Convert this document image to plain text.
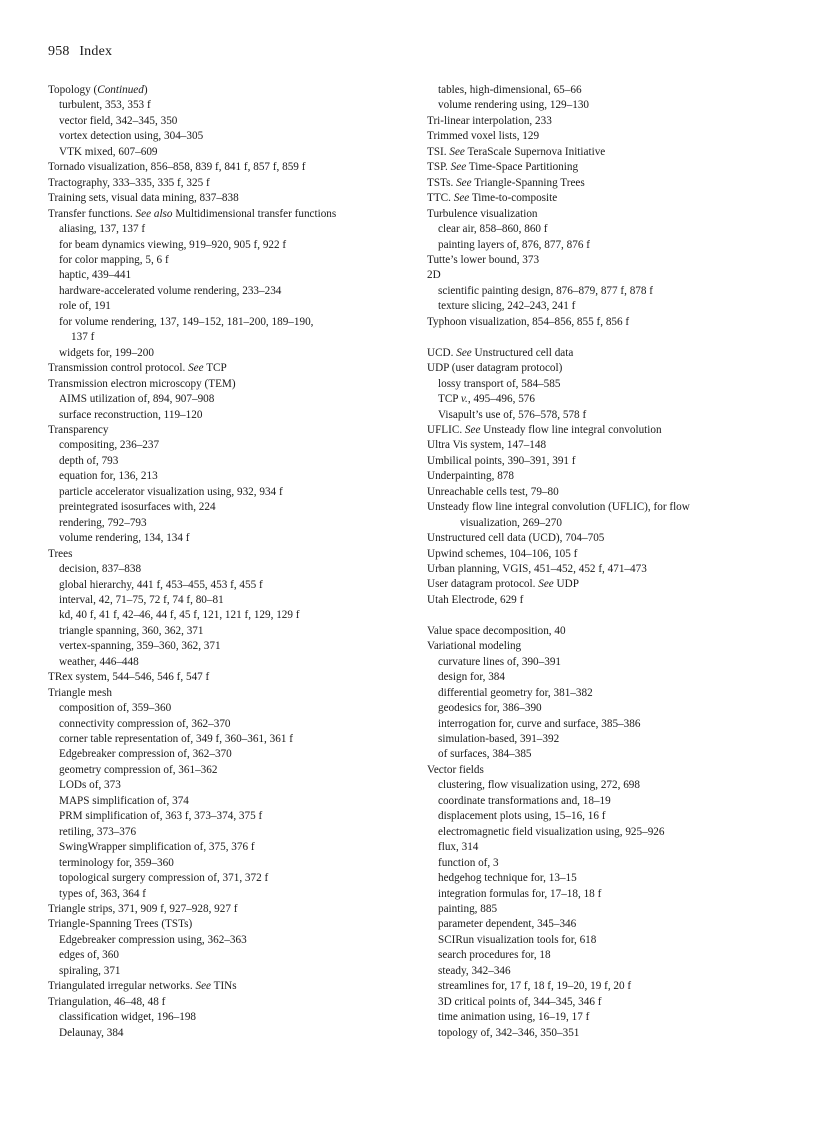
958 Index
Topology (Continued)
turbulent, 353, 353 f
vector field, 342–345, 350
vortex detection using, 304–305
VTK mixed, 607–609
Tornado visualization, 856–858, 839 f, 841 f, 857 f, 859 f
Tractography, 333–335, 335 f, 325 f
Training sets, visual data mining, 837–838
Transfer functions. See also Multidimensional transfer functions
aliasing, 137, 137 f
for beam dynamics viewing, 919–920, 905 f, 922 f
for color mapping, 5, 6 f
haptic, 439–441
hardware-accelerated volume rendering, 233–234
role of, 191
for volume rendering, 137, 149–152, 181–200, 189–190,
137 f
widgets for, 199–200
Transmission control protocol. See TCP
Transmission electron microscopy (TEM)
AIMS utilization of, 894, 907–908
surface reconstruction, 119–120
Transparency
compositing, 236–237
depth of, 793
equation for, 136, 213
particle accelerator visualization using, 932, 934 f
preintegrated isosurfaces with, 224
rendering, 792–793
volume rendering, 134, 134 f
Trees
decision, 837–838
global hierarchy, 441 f, 453–455, 453 f, 455 f
interval, 42, 71–75, 72 f, 74 f, 80–81
kd, 40 f, 41 f, 42–46, 44 f, 45 f, 121, 121 f, 129, 129 f
triangle spanning, 360, 362, 371
vertex-spanning, 359–360, 362, 371
weather, 446–448
TRex system, 544–546, 546 f, 547 f
Triangle mesh
composition of, 359–360
connectivity compression of, 362–370
corner table representation of, 349 f, 360–361, 361 f
Edgebreaker compression of, 362–370
geometry compression of, 361–362
LODs of, 373
MAPS simplification of, 374
PRM simplification of, 363 f, 373–374, 375 f
retiling, 373–376
SwingWrapper simplification of, 375, 376 f
terminology for, 359–360
topological surgery compression of, 371, 372 f
types of, 363, 364 f
Triangle strips, 371, 909 f, 927–928, 927 f
Triangle-Spanning Trees (TSTs)
Edgebreaker compression using, 362–363
edges of, 360
spiraling, 371
Triangulated irregular networks. See TINs
Triangulation, 46–48, 48 f
classification widget, 196–198
Delaunay, 384
tables, high-dimensional, 65–66
volume rendering using, 129–130
Tri-linear interpolation, 233
Trimmed voxel lists, 129
TSI. See TeraScale Supernova Initiative
TSP. See Time-Space Partitioning
TSTs. See Triangle-Spanning Trees
TTC. See Time-to-composite
Turbulence visualization
clear air, 858–860, 860 f
painting layers of, 876, 877, 876 f
Tutte’s lower bound, 373
2D
scientific painting design, 876–879, 877 f, 878 f
texture slicing, 242–243, 241 f
Typhoon visualization, 854–856, 855 f, 856 f
UCD. See Unstructured cell data
UDP (user datagram protocol)
lossy transport of, 584–585
TCP v., 495–496, 576
Visapult’s use of, 576–578, 578 f
UFLIC. See Unsteady flow line integral convolution
Ultra Vis system, 147–148
Umbilical points, 390–391, 391 f
Underpainting, 878
Unreachable cells test, 79–80
Unsteady flow line integral convolution (UFLIC), for flow
visualization, 269–270
Unstructured cell data (UCD), 704–705
Upwind schemes, 104–106, 105 f
Urban planning, VGIS, 451–452, 452 f, 471–473
User datagram protocol. See UDP
Utah Electrode, 629 f
Value space decomposition, 40
Variational modeling
curvature lines of, 390–391
design for, 384
differential geometry for, 381–382
geodesics for, 386–390
interrogation for, curve and surface, 385–386
simulation-based, 391–392
of surfaces, 384–385
Vector fields
clustering, flow visualization using, 272, 698
coordinate transformations and, 18–19
displacement plots using, 15–16, 16 f
electromagnetic field visualization using, 925–926
flux, 314
function of, 3
hedgehog technique for, 13–15
integration formulas for, 17–18, 18 f
painting, 885
parameter dependent, 345–346
SCIRun visualization tools for, 618
search procedures for, 18
steady, 342–346
streamlines for, 17 f, 18 f, 19–20, 19 f, 20 f
3D critical points of, 344–345, 346 f
time animation using, 16–19, 17 f
topology of, 342–346, 350–351
